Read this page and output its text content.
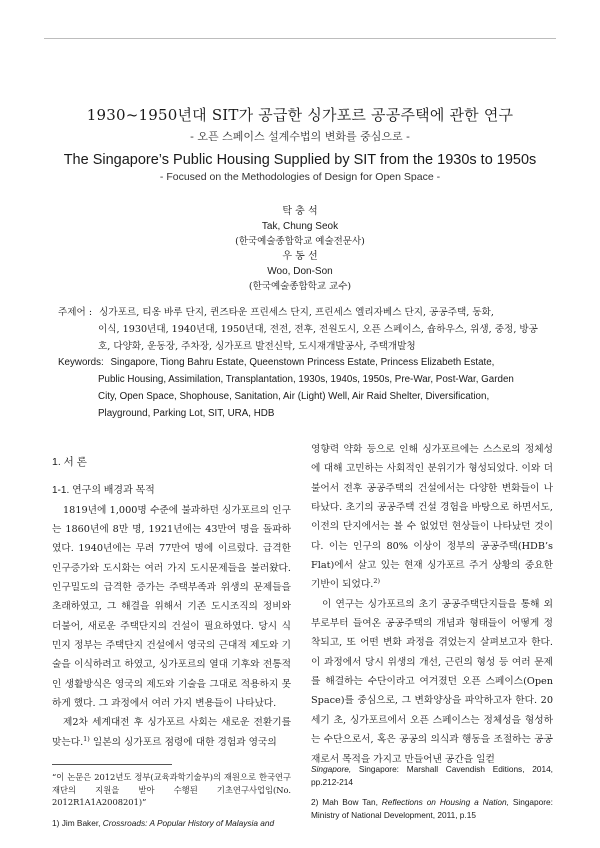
1930~1950년대 SIT가 공급한 싱가포르 공공주택에 관한 연구
- 오픈 스페이스 설계수법의 변화를 중심으로 -
The Singapore’s Public Housing Supplied by SIT from the 1930s to 1950s
- Focused on the Methodologies of Design for Open Space -
탁 충 석
Tak, Chung Seok
(한국예술종합학교 예술전문사)
우 동 선
Woo, Don-Son
(한국예술종합학교 교수)

주제어 : 싱가포르, 티옹 바루 단지, 퀸즈타운 프린세스 단지, 프린세스 엘리자베스 단지, 공공주택, 동화,
이식, 1930년대, 1940년대, 1950년대, 전전, 전후, 전원도시, 오픈 스페이스, 숍하우스, 위생, 중정, 방공
호, 다양화, 운동장, 주차장, 싱가포르 발전신탁, 도시재개발공사, 주택개발청

Keywords: Singapore, Tiong Bahru Estate, Queenstown Princess Estate, Princess Elizabeth Estate,
Public Housing, Assimilation, Transplantation, 1930s, 1940s, 1950s, Pre-War, Post-War, Garden
City, Open Space, Shophouse, Sanitation, Air (Light) Well, Air Raid Shelter, Diversification,
Playground, Parking Lot, SIT, URA, HDB

1. 서 론
1-1. 연구의 배경과 목적

1819년에 1,000명 수준에 불과하던 싱가포르의 인구는 1860년에 8만 명, 1921년에는 43만여 명을 돌파하였다. 1940년에는 무려 77만여 명에 이르렀다. 급격한 인구증가와 도시화는 여러 가지 도시문제들을 불러왔다. 인구밀도의 급격한 증가는 주택부족과 위생의 문제들을 초래하였고, 그 해결을 위해서 기존 도시조직의 정비와 더불어, 새로운 주택단지의 건설이 필요하였다. 당시 식민지 정부는 주택단지 건설에서 영국의 근대적 제도와 기술을 이식하려고 하였고, 싱가포르의 열대 기후와 전통적인 생활방식은 영국의 제도와 기술을 그대로 적용하지 못하게 했다. 그 과정에서 여러 가지 변용들이 나타났다.

제2차 세계대전 후 싱가포르 사회는 새로운 전환기를 맞는다.$^{1)}$ 일본의 싱가포르 점령에 대한 경험과 영국의

영향력 약화 등으로 인해 싱가포르에는 스스로의 정체성에 대해 고민하는 사회적인 분위기가 형성되었다. 이와 더불어서 전후 공공주택의 건설에서는 다양한 변화들이 나타났다. 초기의 공공주택 건설 경험을 바탕으로 하면서도, 이전의 단지에서는 볼 수 없었던 현상들이 나타났던 것이다. 이는 인구의 80% 이상이 정부의 공공주택(HDB’s Flat)에서 살고 있는 현재 싱가포르 주거 상황의 중요한 기반이 되었다.$^{2)}$

이 연구는 싱가포르의 초기 공공주택단지들을 통해 외부로부터 들여온 공공주택의 개념과 형태들이 어떻게 정착되고, 또 어떤 변화 과정을 겪었는지 살펴보고자 한다. 이 과정에서 당시 위생의 개선, 근린의 형성 등 여러 문제를 해결하는 수단이라고 여겨졌던 오픈 스페이스(Open Space)를 중심으로, 그 변화양상을 파악하고자 한다. 20세기 초, 싱가포르에서 오픈 스페이스는 정체성을 형성하는 수단으로서, 혹은 공공의 의식과 행동을 조절하는 공공재로서 목적을 가지고 만들어낸 공간을 일컫

“이 논문은 2012년도 정부(교육과학기술부)의 재원으로 한국연구재단의 지원을 받아 수행된 기초연구사업임(No. 2012R1A1A2008201)”

1) Jim Baker, Crossroads: A Popular History of Malaysia and

Singapore, Singapore: Marshall Cavendish Editions, 2014, pp.212-214

2) Mah Bow Tan, Reflections on Housing a Nation, Singapore: Ministry of National Development, 2011, p.15
